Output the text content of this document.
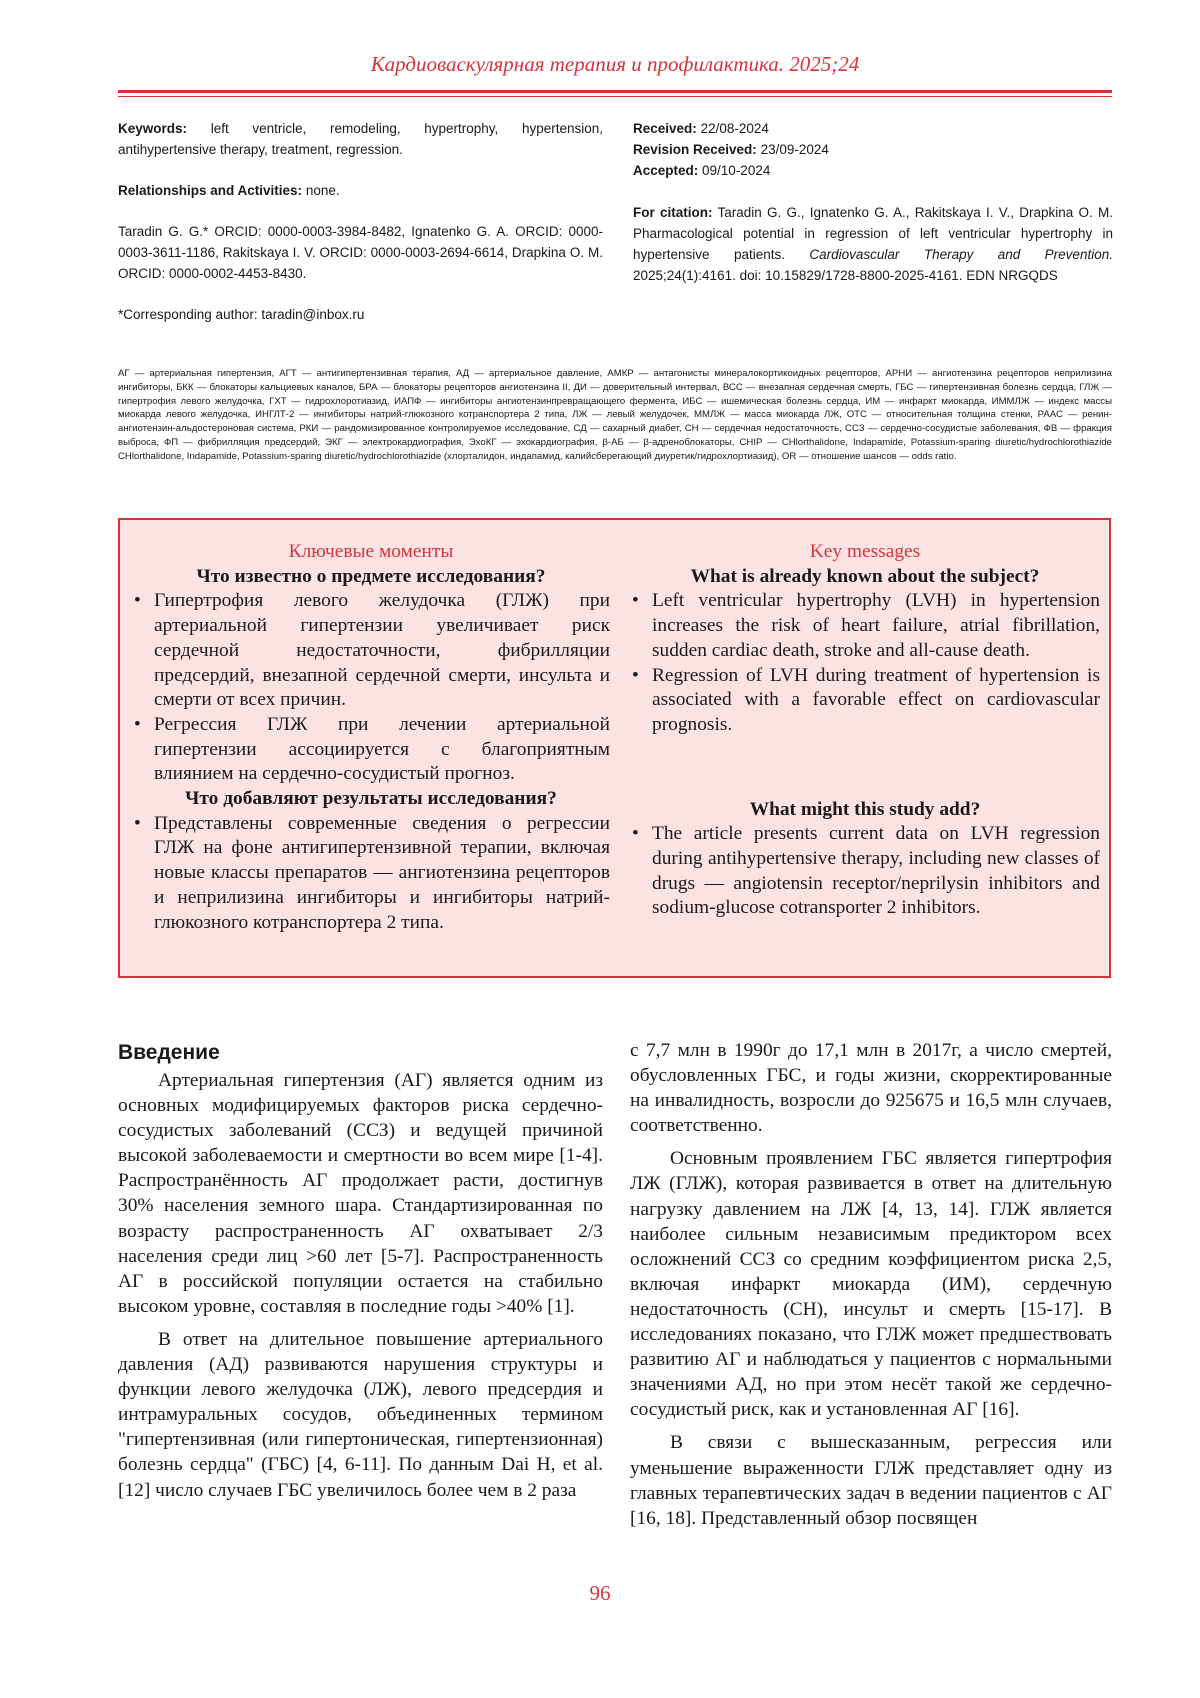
Кардиоваскулярная терапия и профилактика. 2025;24

Keywords: left ventricle, remodeling, hypertrophy, hypertension, antihypertensive therapy, treatment, regression.

Relationships and Activities: none.

Taradin G. G.* ORCID: 0000-0003-3984-8482, Ignatenko G. A. ORCID: 0000-0003-3611-1186, Rakitskaya I. V. ORCID: 0000-0003-2694-6614, Drapkina O. M. ORCID: 0000-0002-4453-8430.

*Corresponding author: taradin@inbox.ru

Received: 22/08-2024

Revision Received: 23/09-2024

Accepted: 09/10-2024

For citation: Taradin G. G., Ignatenko G. A., Rakitskaya I. V., Drapkina O. M. Pharmacological potential in regression of left ventricular hypertrophy in hypertensive patients. Cardiovascular Therapy and Prevention. 2025;24(1):4161. doi: 10.15829/1728-8800-2025-4161. EDN NRGQDS

АГ — артериальная гипертензия, АГТ — антигипертензивная терапия, АД — артериальное давление, АМКР — антагонисты минералокортикоидных рецепторов, АРНИ — ангиотензина рецепторов неприлизина ингибиторы, БКК — блокаторы кальциевых каналов, БРА — блокаторы рецепторов ангиотензина II, ДИ — доверительный интервал, ВСС — внезапная сердечная смерть, ГБС — гипертензивная болезнь сердца, ГЛЖ — гипертрофия левого желудочка, ГХТ — гидрохлоротиазид, ИАПФ — ингибиторы ангиотензинпревращающего фермента, ИБС — ишемическая болезнь сердца, ИМ — инфаркт миокарда, ИММЛЖ — индекс массы миокарда левого желудочка, ИНГЛТ-2 — ингибиторы натрий-глюкозного котранспортера 2 типа, ЛЖ — левый желудочек, ММЛЖ — масса миокарда ЛЖ, ОТС — относительная толщина стенки, РААС — ренин-ангиотензин-альдостероновая система, РКИ — рандомизированное контролируемое исследование, СД — сахарный диабет, СН — сердечная недостаточность, ССЗ — сердечно-сосудистые заболевания, ФВ — фракция выброса, ФП — фибрилляция предсердий, ЭКГ — электрокардиография, ЭхоКГ — эхокардиография, β-АБ — β-адреноблокаторы, CHIP — CHlorthalidone, Indapamide, Potassium-sparing diuretic/hydrochlorothiazide CHlorthalidone, Indapamide, Potassium-sparing diuretic/hydrochlorothiazide (хлорталидон, индапамид, калийсберегающий диуретик/гидрохлортиазид), OR — отношение шансов — odds ratio.

Ключевые моменты

Что известно о предмете исследования?

• Гипертрофия левого желудочка (ГЛЖ) при артериальной гипертензии увеличивает риск сердечной недостаточности, фибрилляции предсердий, внезапной сердечной смерти, инсульта и смерти от всех причин.
• Регрессия ГЛЖ при лечении артериальной гипертензии ассоциируется с благоприятным влиянием на сердечно-сосудистый прогноз.

Что добавляют результаты исследования?

• Представлены современные сведения о регрессии ГЛЖ на фоне антигипертензивной терапии, включая новые классы препаратов — ангиотензина рецепторов и неприлизина ингибиторы и ингибиторы натрий-глюкозного котранспортера 2 типа.

Key messages

What is already known about the subject?

• Left ventricular hypertrophy (LVH) in hypertension increases the risk of heart failure, atrial fibrillation, sudden cardiac death, stroke and all-cause death.
• Regression of LVH during treatment of hypertension is associated with a favorable effect on cardiovascular prognosis.

What might this study add?

• The article presents current data on LVH regression during antihypertensive therapy, including new classes of drugs — angiotensin receptor/neprilysin inhibitors and sodium-glucose cotransporter 2 inhibitors.
Введение

Артериальная гипертензия (АГ) является одним из основных модифицируемых факторов риска сердечно-сосудистых заболеваний (ССЗ) и ведущей причиной высокой заболеваемости и смертности во всем мире [1-4]. Распространённость АГ продолжает расти, достигнув 30% населения земного шара. Стандартизированная по возрасту распространенность АГ охватывает 2/3 населения среди лиц >60 лет [5-7]. Распространенность АГ в российской популяции остается на стабильно высоком уровне, составляя в последние годы >40% [1].

В ответ на длительное повышение артериального давления (АД) развиваются нарушения структуры и функции левого желудочка (ЛЖ), левого предсердия и интрамуральных сосудов, объединенных термином "гипертензивная (или гипертоническая, гипертензионная) болезнь сердца" (ГБС) [4, 6-11]. По данным Dai H, et al. [12] число случаев ГБС увеличилось более чем в 2 раза

с 7,7 млн в 1990г до 17,1 млн в 2017г, а число смертей, обусловленных ГБС, и годы жизни, скорректированные на инвалидность, возросли до 925675 и 16,5 млн случаев, соответственно.

Основным проявлением ГБС является гипертрофия ЛЖ (ГЛЖ), которая развивается в ответ на длительную нагрузку давлением на ЛЖ [4, 13, 14]. ГЛЖ является наиболее сильным независимым предиктором всех осложнений ССЗ со средним коэффициентом риска 2,5, включая инфаркт миокарда (ИМ), сердечную недостаточность (СН), инсульт и смерть [15-17]. В исследованиях показано, что ГЛЖ может предшествовать развитию АГ и наблюдаться у пациентов с нормальными значениями АД, но при этом несёт такой же сердечно-сосудистый риск, как и установленная АГ [16].

В связи с вышесказанным, регрессия или уменьшение выраженности ГЛЖ представляет одну из главных терапевтических задач в ведении пациентов с АГ [16, 18]. Представленный обзор посвящен

96
